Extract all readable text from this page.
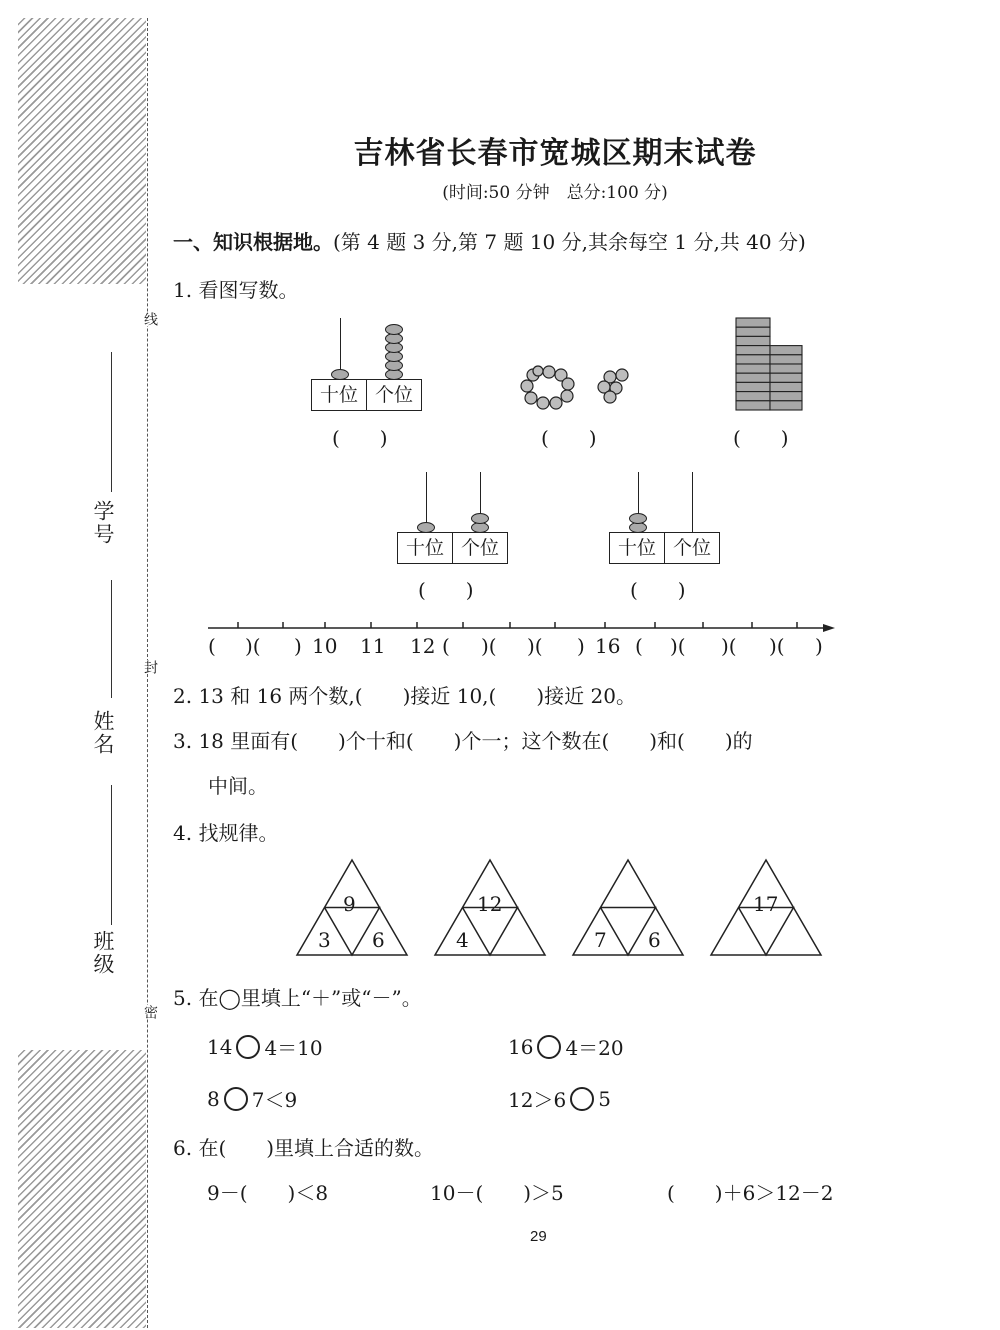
线
封
密
学号
姓名
班级
吉林省长春市宽城区期末试卷
(时间:50 分钟　总分:100 分)
一、知识根据地。(第 4 题 3 分,第 7 题 10 分,其余每空 1 分,共 40 分)
1. 看图写数。
十位 个位
(　　)	(　　)	(　　)
十位 个位
(　　)
十位 个位
(　　)
( )( ) 10 11 12 ( )( )( ) 16 ( )( )( )( )
2. 13 和 16 两个数,(　　)接近 10,(　　)接近 20。
3. 18 里面有(　　)个十和(　　)个一；这个数在(　　)和(　　)的
中间。
4. 找规律。
9
3 6
12
4	7 6
17
5. 在◯里填上“＋”或“－”。
14 4＝10	16 4＝20
8 7＜9	12＞6 5
6. 在(　　)里填上合适的数。
9－(　　)＜8	10－(　　)＞5	(　　)＋6＞12－2
29
